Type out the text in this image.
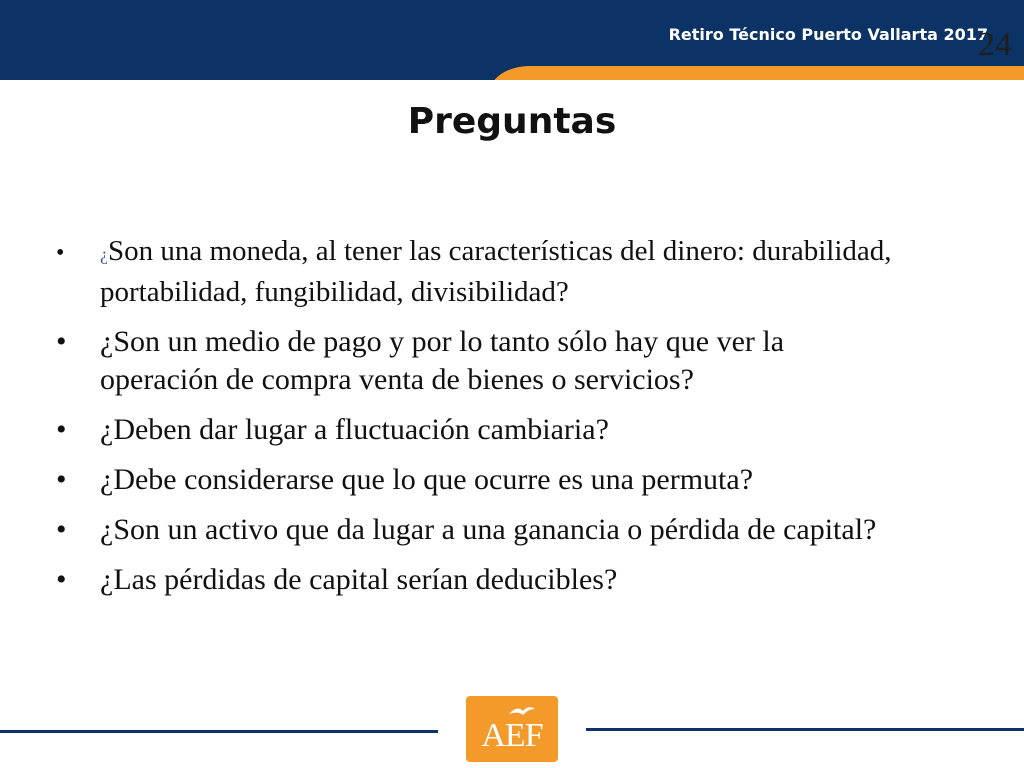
Retiro Técnico Puerto Vallarta 2017
24
Preguntas
• ¿Son una moneda, al tener las características del dinero: durabilidad, portabilidad, fungibilidad, divisibilidad?
• ¿Son un medio de pago y por lo tanto sólo hay que ver la operación de compra venta de bienes o servicios?
• ¿Deben dar lugar a fluctuación cambiaria?
• ¿Debe considerarse que lo que ocurre es una permuta?
• ¿Son un activo que da lugar a una ganancia o pérdida de capital?
• ¿Las pérdidas de capital serían deducibles?
AEF
